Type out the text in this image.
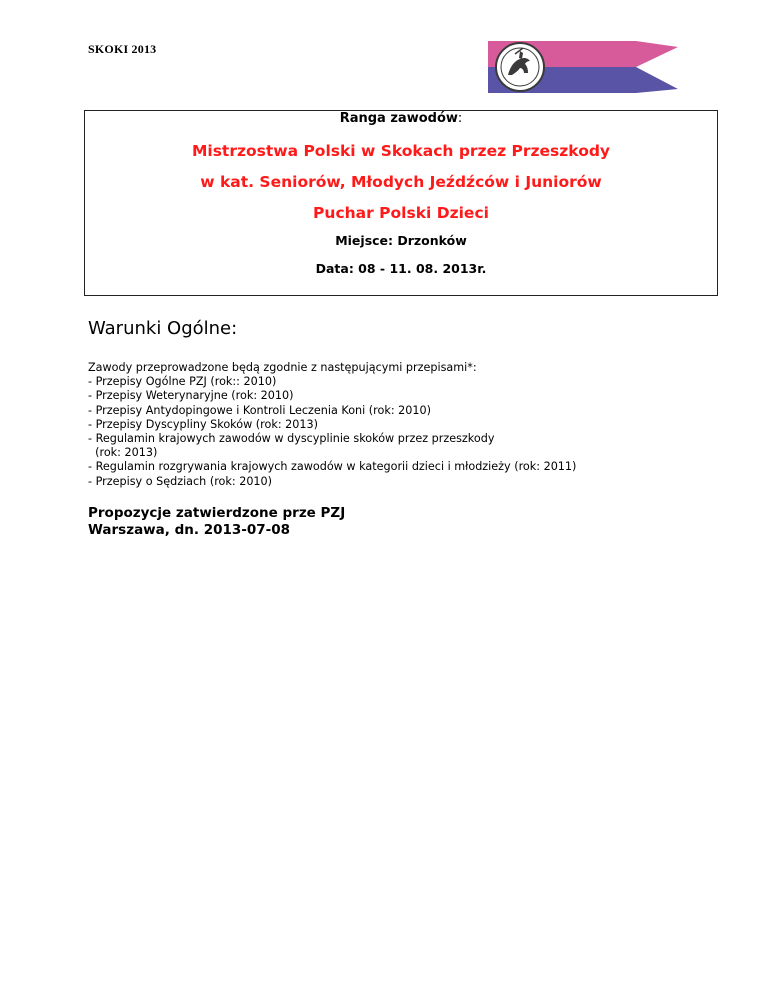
SKOKI 2013
Ranga zawodów:
Mistrzostwa Polski w Skokach przez Przeszkody
w kat. Seniorów, Młodych Jeźdźców i Juniorów
Puchar Polski Dzieci
Miejsce: Drzonków
Data: 08 - 11. 08. 2013r.
Warunki Ogólne:
Zawody przeprowadzone będą zgodnie z następującymi przepisami*:
- Przepisy Ogólne PZJ (rok:: 2010)
- Przepisy Weterynaryjne (rok: 2010)
- Przepisy Antydopingowe i Kontroli Leczenia Koni (rok: 2010)
- Przepisy Dyscypliny Skoków (rok: 2013)
- Regulamin krajowych zawodów w dyscyplinie skoków przez przeszkody
(rok: 2013)
- Regulamin rozgrywania krajowych zawodów w kategorii dzieci i młodzieży (rok: 2011)
- Przepisy o Sędziach (rok: 2010)
Propozycje zatwierdzone prze PZJ
Warszawa, dn. 2013-07-08
